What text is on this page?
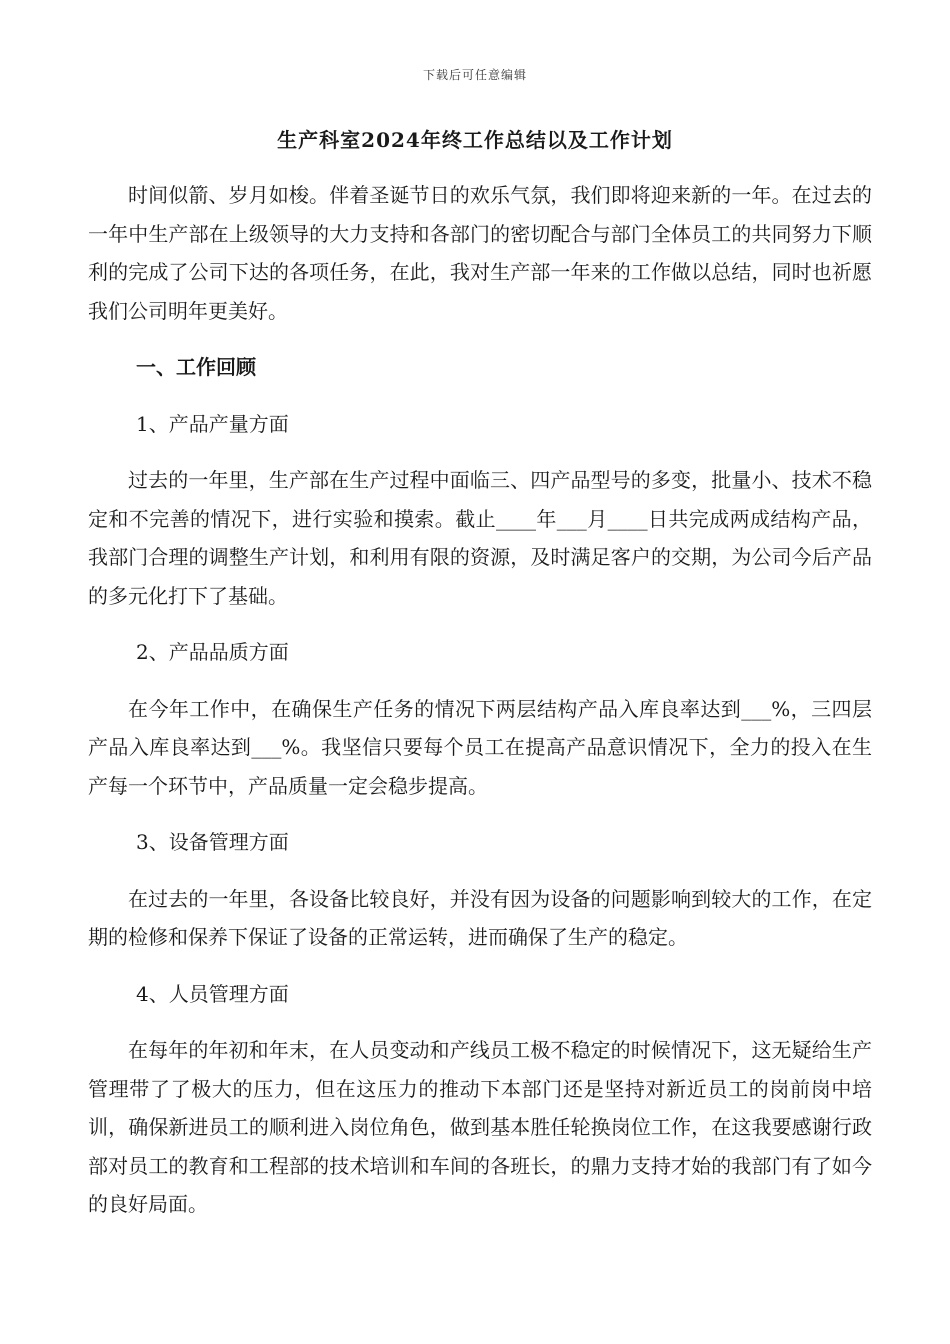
下载后可任意编辑
生产科室2024年终工作总结以及工作计划

时间似箭、岁月如梭。伴着圣诞节日的欢乐气氛，我们即将迎来新的一年。在过去的一年中生产部在上级领导的大力支持和各部门的密切配合与部门全体员工的共同努力下顺利的完成了公司下达的各项任务，在此，我对生产部一年来的工作做以总结，同时也祈愿我们公司明年更美好。

一、工作回顾

1、产品产量方面

过去的一年里，生产部在生产过程中面临三、四产品型号的多变，批量小、技术不稳定和不完善的情况下，进行实验和摸索。截止____年___月____日共完成两成结构产品，我部门合理的调整生产计划，和利用有限的资源，及时满足客户的交期，为公司今后产品的多元化打下了基础。

2、产品品质方面

在今年工作中，在确保生产任务的情况下两层结构产品入库良率达到___%，三四层产品入库良率达到___%。我坚信只要每个员工在提高产品意识情况下，全力的投入在生产每一个环节中，产品质量一定会稳步提高。

3、设备管理方面

在过去的一年里，各设备比较良好，并没有因为设备的问题影响到较大的工作，在定期的检修和保养下保证了设备的正常运转，进而确保了生产的稳定。

4、人员管理方面

在每年的年初和年末，在人员变动和产线员工极不稳定的时候情况下，这无疑给生产管理带了了极大的压力，但在这压力的推动下本部门还是坚持对新近员工的岗前岗中培训，确保新进员工的顺利进入岗位角色，做到基本胜任轮换岗位工作，在这我要感谢行政部对员工的教育和工程部的技术培训和车间的各班长，的鼎力支持才始的我部门有了如今的良好局面。
